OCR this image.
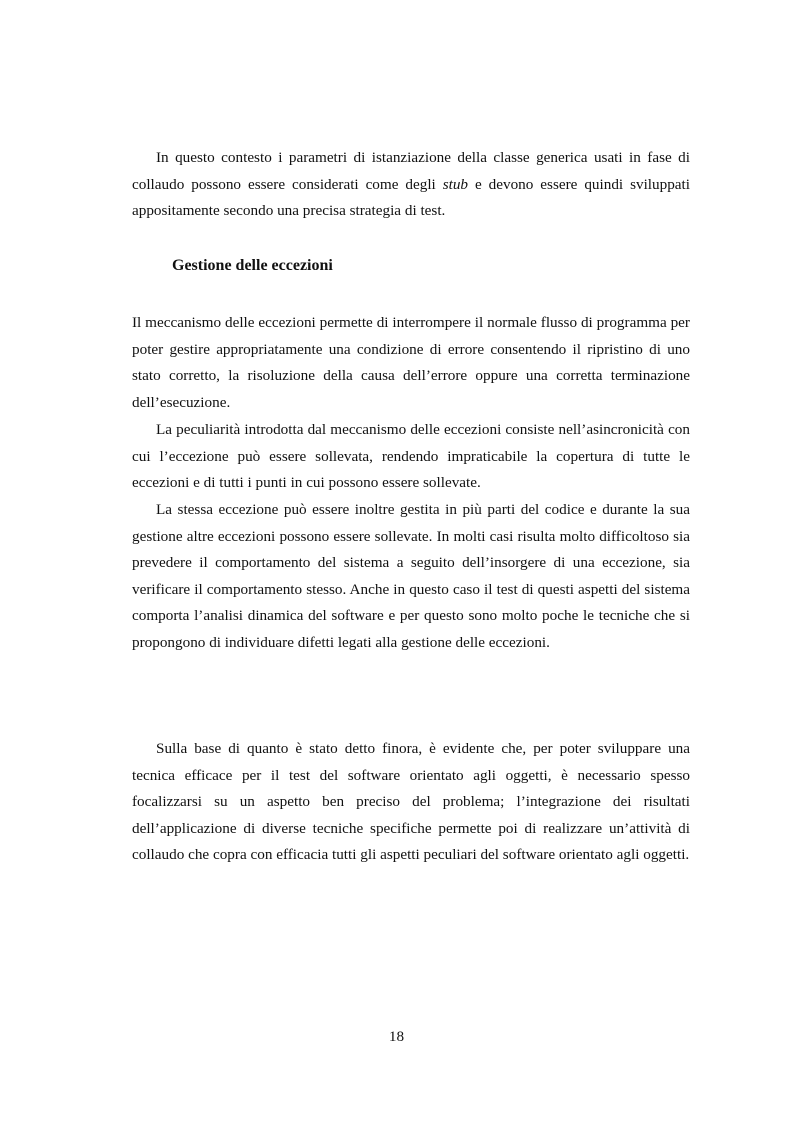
In questo contesto i parametri di istanziazione della classe generica usati in fase di collaudo possono essere considerati come degli stub e devono essere quindi sviluppati appositamente secondo una precisa strategia di test.

Gestione delle eccezioni

Il meccanismo delle eccezioni permette di interrompere il normale flusso di programma per poter gestire appropriatamente una condizione di errore consentendo il ripristino di uno stato corretto, la risoluzione della causa dell’errore oppure una corretta terminazione dell’esecuzione.

La peculiarità introdotta dal meccanismo delle eccezioni consiste nell’asincronicità con cui l’eccezione può essere sollevata, rendendo impraticabile la copertura di tutte le eccezioni e di tutti i punti in cui possono essere sollevate.

La stessa eccezione può essere inoltre gestita in più parti del codice e durante la sua gestione altre eccezioni possono essere sollevate. In molti casi risulta molto difficoltoso sia prevedere il comportamento del sistema a seguito dell’insorgere di una eccezione, sia verificare il comportamento stesso. Anche in questo caso il test di questi aspetti del sistema comporta l’analisi dinamica del software e per questo sono molto poche le tecniche che si propongono di individuare difetti legati alla gestione delle eccezioni.

Sulla base di quanto è stato detto finora, è evidente che, per poter sviluppare una tecnica efficace per il test del software orientato agli oggetti, è necessario spesso focalizzarsi su un aspetto ben preciso del problema; l’integrazione dei risultati dell’applicazione di diverse tecniche specifiche permette poi di realizzare un’attività di collaudo che copra con efficacia tutti gli aspetti peculiari del software orientato agli oggetti.

18
